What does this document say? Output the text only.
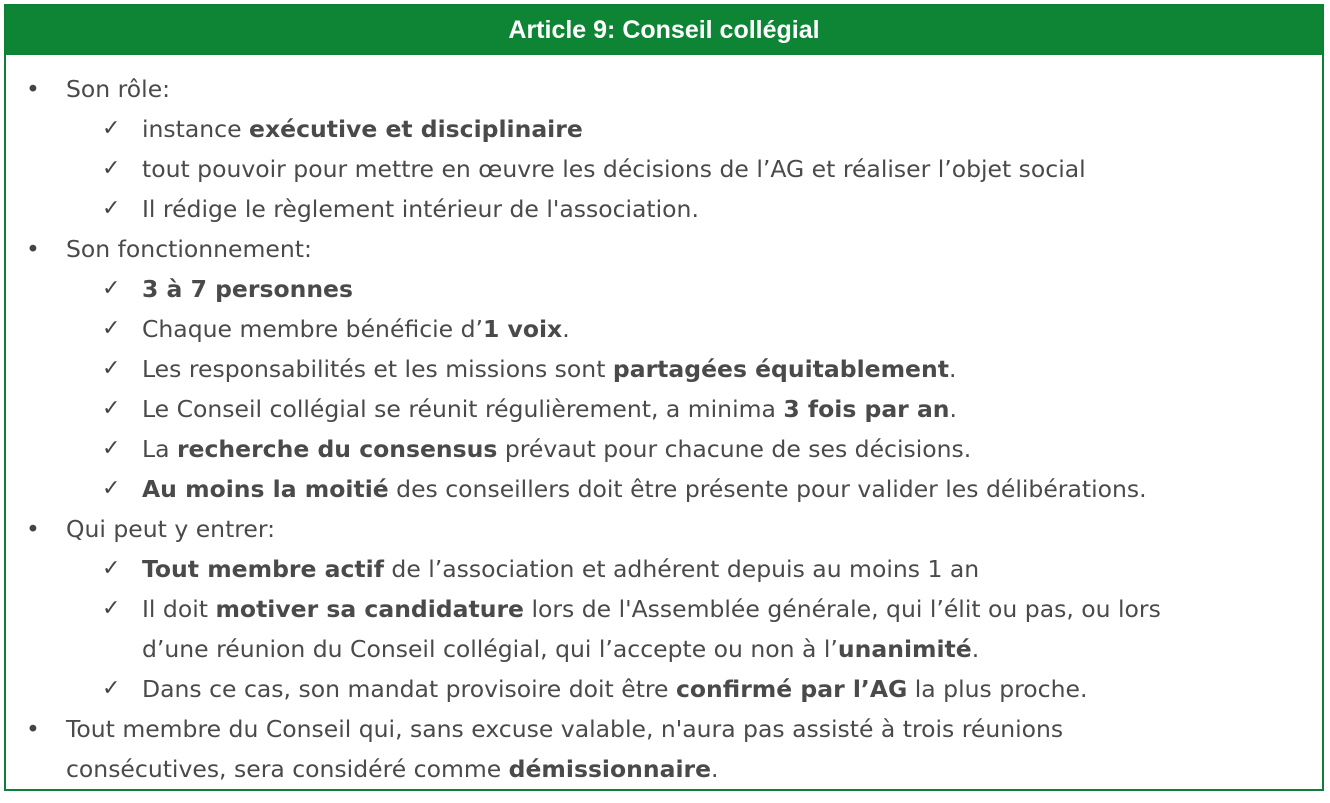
Article 9: Conseil collégial
• Son rôle:
✓ instance exécutive et disciplinaire
✓ tout pouvoir pour mettre en œuvre les décisions de l’AG et réaliser l’objet social
✓ Il rédige le règlement intérieur de l'association.
• Son fonctionnement:
✓ 3 à 7 personnes
✓ Chaque membre bénéficie d’1 voix.
✓ Les responsabilités et les missions sont partagées équitablement.
✓ Le Conseil collégial se réunit régulièrement, a minima 3 fois par an.
✓ La recherche du consensus prévaut pour chacune de ses décisions.
✓ Au moins la moitié des conseillers doit être présente pour valider les délibérations.
• Qui peut y entrer:
✓ Tout membre actif de l’association et adhérent depuis au moins 1 an
✓ Il doit motiver sa candidature lors de l'Assemblée générale, qui l’élit ou pas, ou lors
d’une réunion du Conseil collégial, qui l’accepte ou non à l’unanimité.
✓ Dans ce cas, son mandat provisoire doit être confirmé par l’AG la plus proche.
• Tout membre du Conseil qui, sans excuse valable, n'aura pas assisté à trois réunions
consécutives, sera considéré comme démissionnaire.
